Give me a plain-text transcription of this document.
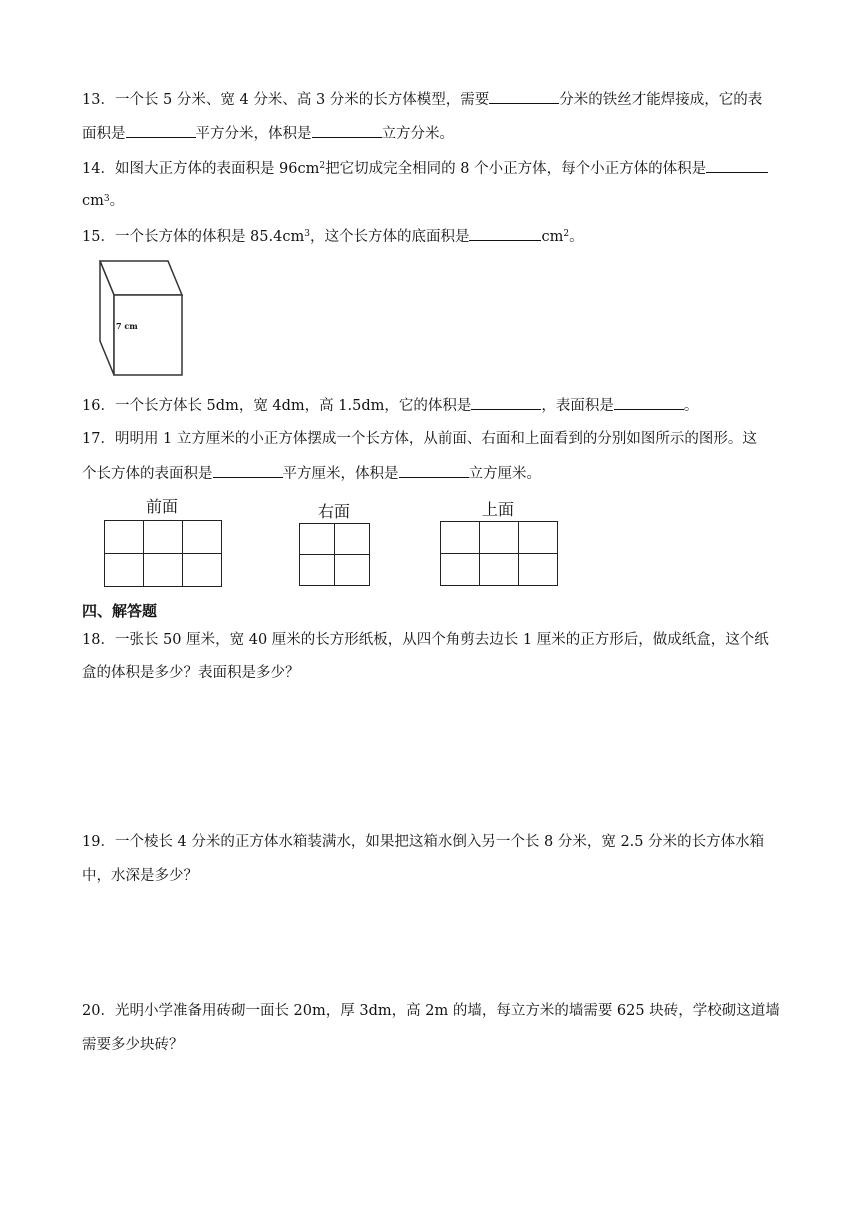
13．一个长 5 分米、宽 4 分米、高 3 分米的长方体模型，需要	分米的铁丝才能焊接成，它的表
面积是	平方分米，体积是	立方分米。
14．如图大正方体的表面积是 $96cm^2$把它切成完全相同的 8 个小正方体，每个小正方体的体积是
$cm^3$。
15．一个长方体的体积是 $85.4cm^3$，这个长方体的底面积是	$cm^2$。
7 cm
16．一个长方体长 5dm，宽 4dm，高 1.5dm，它的体积是	，表面积是	。
17．明明用 1 立方厘米的小正方体摆成一个长方体，从前面、右面和上面看到的分别如图所示的图形。这
个长方体的表面积是	平方厘米，体积是	立方厘米。
前面

			右面

		上面

四、解答题
18．一张长 50 厘米，宽 40 厘米的长方形纸板，从四个角剪去边长 1 厘米的正方形后，做成纸盒，这个纸
盒的体积是多少？表面积是多少？
19．一个棱长 4 分米的正方体水箱装满水，如果把这箱水倒入另一个长 8 分米，宽 2.5 分米的长方体水箱
中，水深是多少？
20．光明小学准备用砖砌一面长 20m，厚 3dm，高 2m 的墙，每立方米的墙需要 625 块砖，学校砌这道墙
需要多少块砖？
